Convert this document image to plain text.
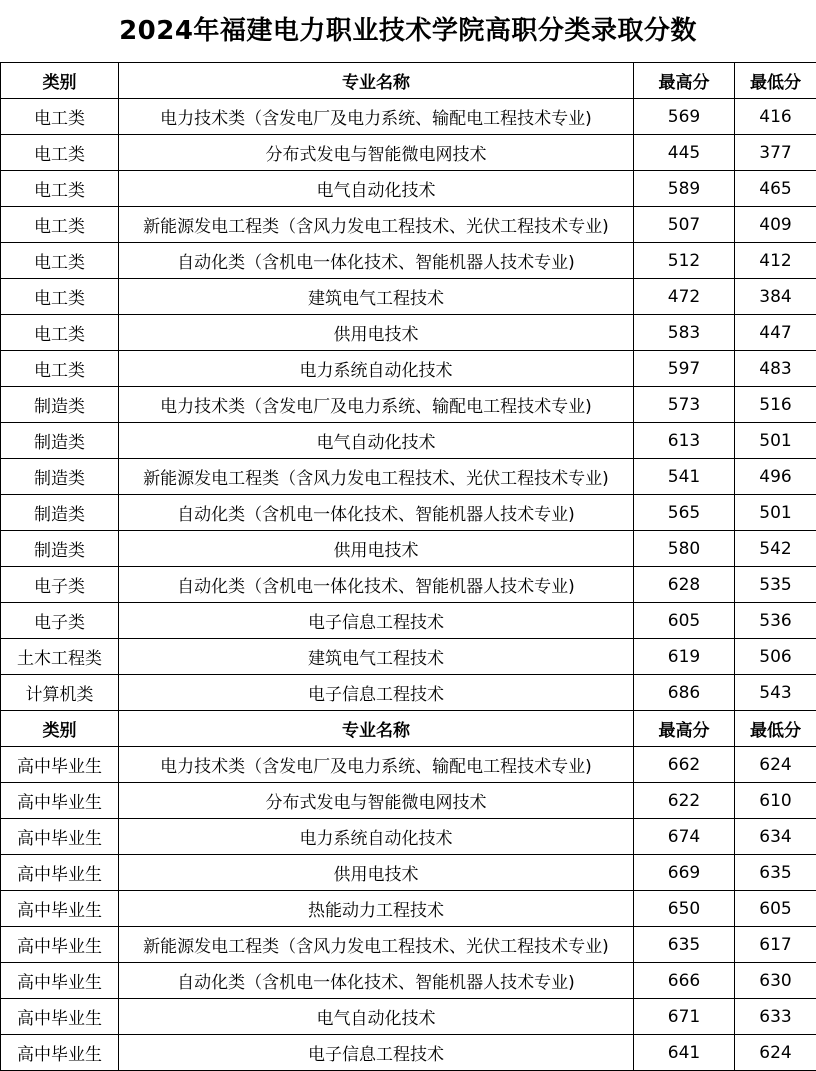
2024年福建电力职业技术学院高职分类录取分数
类别	专业名称	最高分	最低分
电工类	电力技术类（含发电厂及电力系统、输配电工程技术专业)	569	416
电工类	分布式发电与智能微电网技术	445	377
电工类	电气自动化技术	589	465
电工类	新能源发电工程类（含风力发电工程技术、光伏工程技术专业)	507	409
电工类	自动化类（含机电一体化技术、智能机器人技术专业)	512	412
电工类	建筑电气工程技术	472	384
电工类	供用电技术	583	447
电工类	电力系统自动化技术	597	483
制造类	电力技术类（含发电厂及电力系统、输配电工程技术专业)	573	516
制造类	电气自动化技术	613	501
制造类	新能源发电工程类（含风力发电工程技术、光伏工程技术专业)	541	496
制造类	自动化类（含机电一体化技术、智能机器人技术专业)	565	501
制造类	供用电技术	580	542
电子类	自动化类（含机电一体化技术、智能机器人技术专业)	628	535
电子类	电子信息工程技术	605	536
土木工程类	建筑电气工程技术	619	506
计算机类	电子信息工程技术	686	543
类别	专业名称	最高分	最低分
高中毕业生	电力技术类（含发电厂及电力系统、输配电工程技术专业)	662	624
高中毕业生	分布式发电与智能微电网技术	622	610
高中毕业生	电力系统自动化技术	674	634
高中毕业生	供用电技术	669	635
高中毕业生	热能动力工程技术	650	605
高中毕业生	新能源发电工程类（含风力发电工程技术、光伏工程技术专业)	635	617
高中毕业生	自动化类（含机电一体化技术、智能机器人技术专业)	666	630
高中毕业生	电气自动化技术	671	633
高中毕业生	电子信息工程技术	641	624
